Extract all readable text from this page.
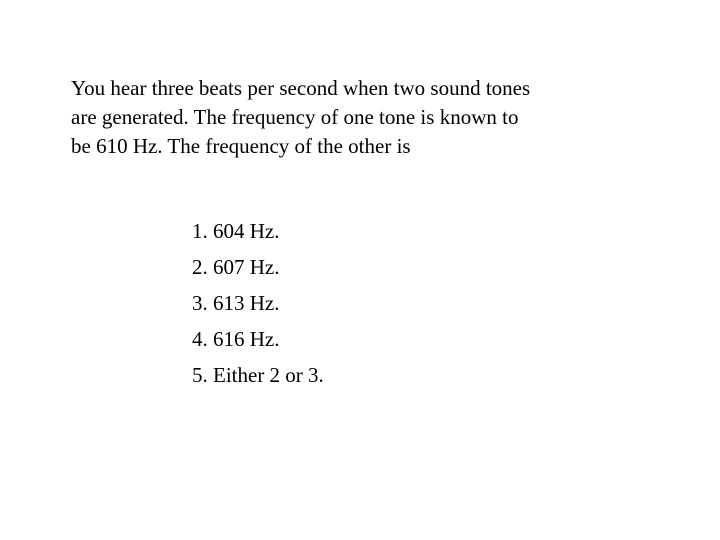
You hear three beats per second when two sound tones
are generated. The frequency of one tone is known to
be 610 Hz. The frequency of the other is

1. 604 Hz.
2. 607 Hz.
3. 613 Hz.
4. 616 Hz.
5. Either 2 or 3.
